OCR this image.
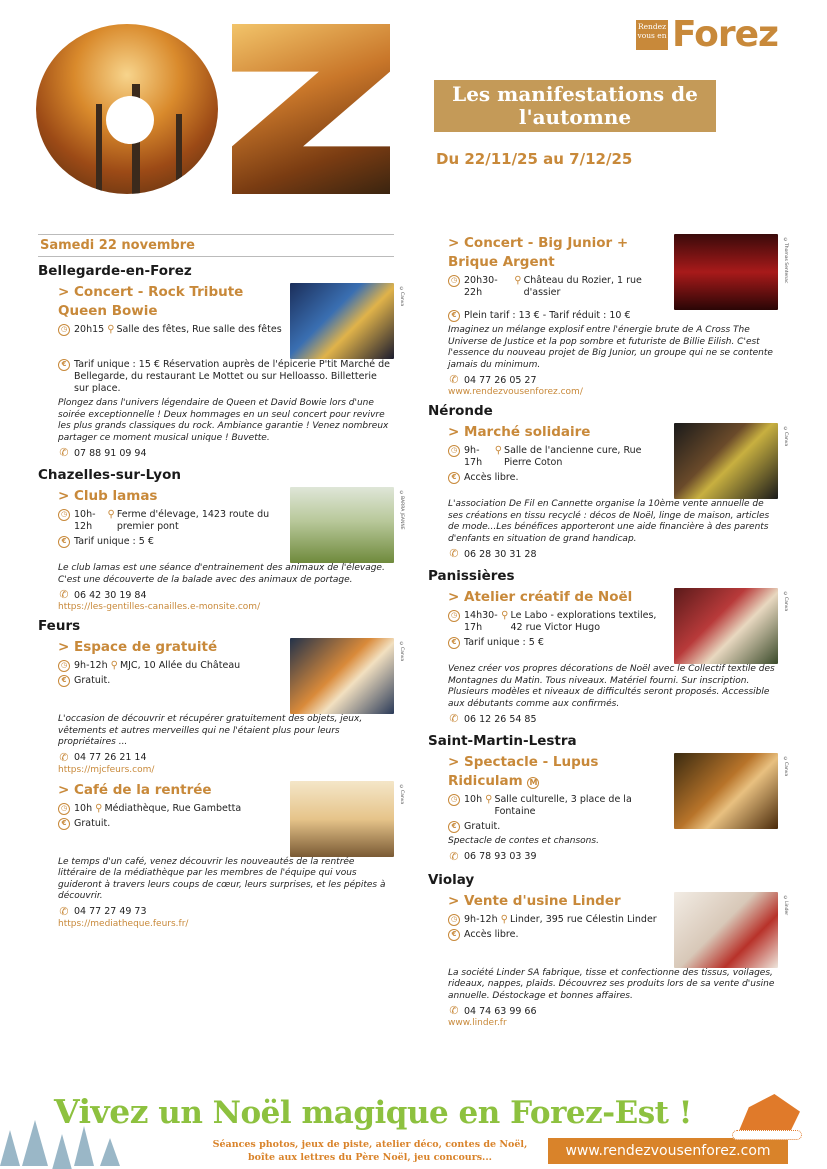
Rendez vous en Forez
Les manifestations de l'automne
Du 22/11/25 au 7/12/25
Samedi 22 novembre
Bellegarde-en-Forez
> Concert - Rock Tribute Queen Bowie
◷ 20h15 ⚲ Salle des fêtes, Rue salle des fêtes
©Canva
€ Tarif unique : 15 € Réservation auprès de l'épicerie P'tit Marché de Bellegarde, du restaurant Le Mottet ou sur Helloasso. Billetterie sur place.
Plongez dans l'univers légendaire de Queen et David Bowie lors d'une soirée exceptionnelle ! Deux hommages en un seul concert pour revivre les plus grands classiques du rock. Ambiance garantie ! Venez nombreux partager ce moment musical unique ! Buvette.
✆ 07 88 91 09 94
Chazelles-sur-Lyon
> Club lamas
◷ 10h-12h
⚲ Ferme d'élevage, 1423 route du premier pont
€ Tarif unique : 5 €
©BARRA JEANNE
Le club lamas est une séance d'entrainement des animaux de l'élevage. C'est une découverte de la balade avec des animaux de portage.
✆ 06 42 30 19 84
https://les-gentilles-canailles.e-monsite.com/
Feurs
> Espace de gratuité
◷ 9h-12h ⚲ MJC, 10 Allée du Château
€ Gratuit.
©Canva
L'occasion de découvrir et récupérer gratuitement des objets, jeux, vêtements et autres merveilles qui ne l'étaient plus pour leurs propriétaires ...
✆ 04 77 26 21 14
https://mjcfeurs.com/
> Café de la rentrée
◷ 10h ⚲ Médiathèque, Rue Gambetta
€ Gratuit.
©Canva
Le temps d'un café, venez découvrir les nouveautés de la rentrée littéraire de la médiathèque par les membres de l'équipe qui vous guideront à travers leurs coups de cœur, leurs surprises, et les pépites à découvrir.
✆ 04 77 27 49 73
https://mediatheque.feurs.fr/
> Concert - Big Junior + Brique Argent
◷ 20h30-22h
⚲ Château du Rozier, 1 rue d'assier
©Thomas Sentenac
€ Plein tarif : 13 € - Tarif réduit : 10 €
Imaginez un mélange explosif entre l'énergie brute de A Cross The Universe de Justice et la pop sombre et futuriste de Billie Eilish. C'est l'essence du nouveau projet de Big Junior, un groupe qui ne se contente jamais du minimum.
✆ 04 77 26 05 27
www.rendezvousenforez.com/
Néronde
> Marché solidaire
◷ 9h-17h
⚲ Salle de l'ancienne cure, Rue Pierre Coton
€ Accès libre.
©Canva
L'association De Fil en Cannette organise la 10ème vente annuelle de ses créations en tissu recyclé : décos de Noël, linge de maison, articles de mode...Les bénéfices apporteront une aide financière à des parents d'enfants en situation de grand handicap.
✆ 06 28 30 31 28
Panissières
> Atelier créatif de Noël
◷ 14h30-17h
⚲ Le Labo - explorations textiles, 42 rue Victor Hugo
€ Tarif unique : 5 €
©Canva
Venez créer vos propres décorations de Noël avec le Collectif textile des Montagnes du Matin. Tous niveaux. Matériel fourni. Sur inscription. Plusieurs modèles et niveaux de difficultés seront proposés. Accessible aux débutants comme aux confirmés.
✆ 06 12 26 54 85
Saint-Martin-Lestra
> Spectacle - Lupus Ridiculam M
◷ 10h ⚲ Salle culturelle, 3 place de la Fontaine
€ Gratuit.
Spectacle de contes et chansons.
✆ 06 78 93 03 39
©Canva
Violay
> Vente d'usine Linder
◷ 9h-12h ⚲ Linder, 395 rue Célestin Linder
€ Accès libre.
©Linder
La société Linder SA fabrique, tisse et confectionne des tissus, voilages, rideaux, nappes, plaids. Découvrez ses produits lors de sa vente d'usine annuelle. Déstockage et bonnes affaires.
✆ 04 74 63 99 66
www.linder.fr
Vivez un Noël magique en Forez-Est !
Séances photos, jeux de piste, atelier déco, contes de Noël, boîte aux lettres du Père Noël, jeu concours...	www.rendezvousenforez.com
